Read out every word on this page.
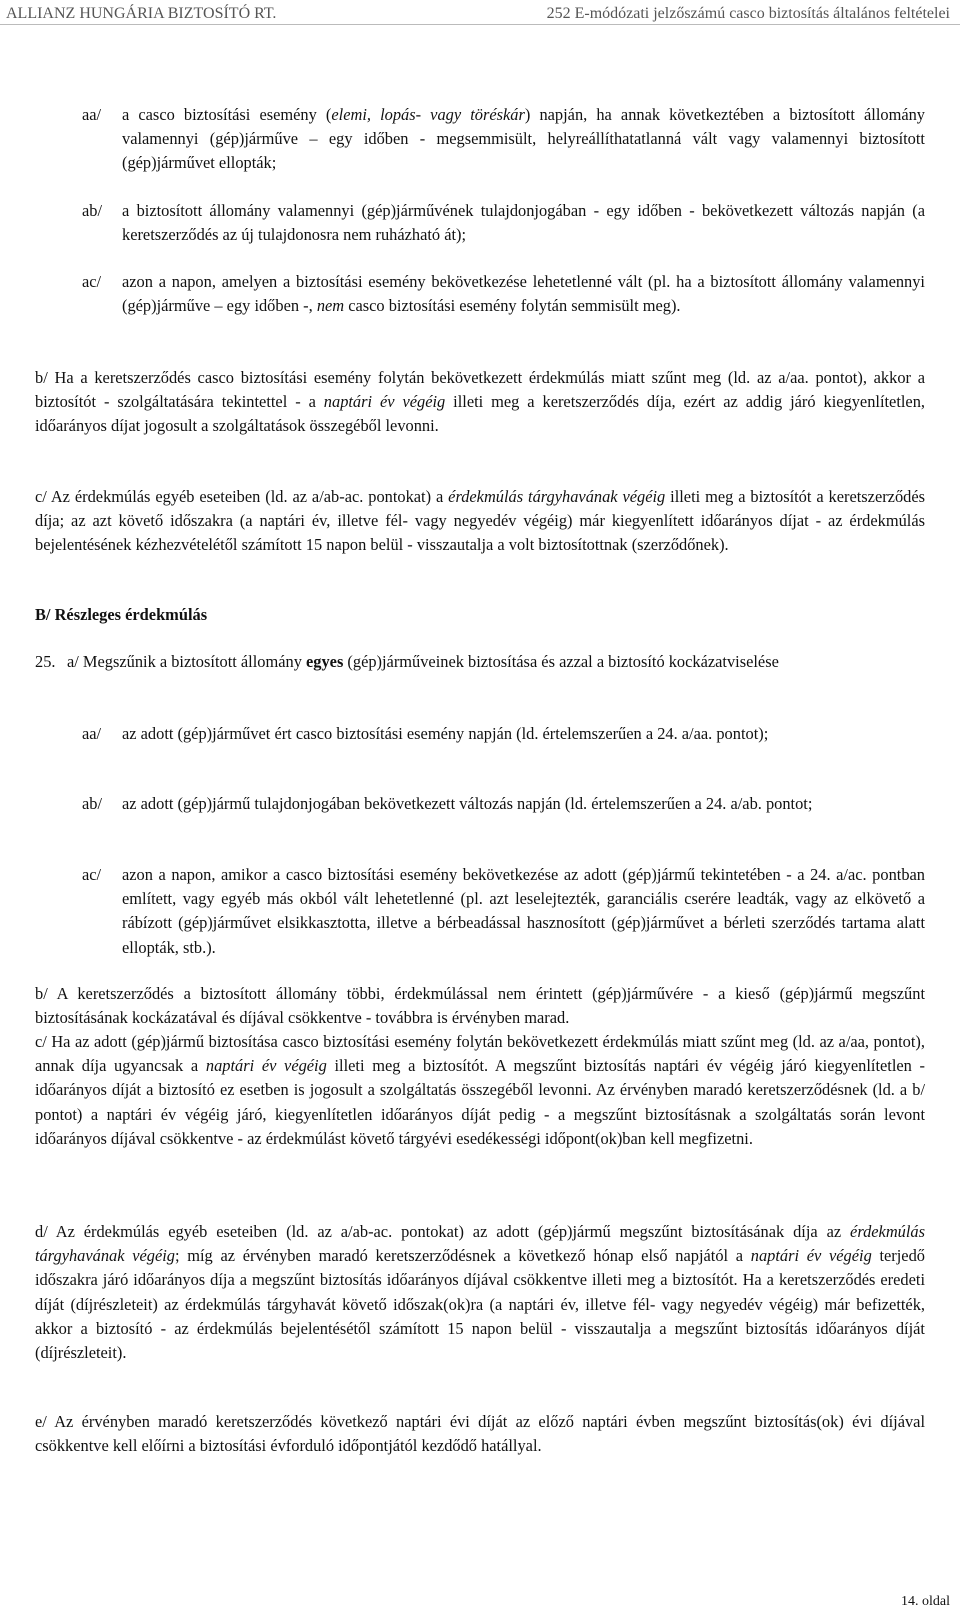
ALLIANZ HUNGÁRIA BIZTOSÍTÓ RT.	252 E-módózati jelzőszámú casco biztosítás általános feltételei
aa/ a casco biztosítási esemény (elemi, lopás- vagy töréskár) napján, ha annak következtében a biztosított állomány valamennyi (gép)járműve – egy időben - megsemmisült, helyreállíthatatlanná vált vagy valamennyi biztosított (gép)járművet ellopták;
ab/ a biztosított állomány valamennyi (gép)járművének tulajdonjogában - egy időben - bekövetkezett változás napján (a keretszerződés az új tulajdonosra nem ruházható át);
ac/ azon a napon, amelyen a biztosítási esemény bekövetkezése lehetetlenné vált (pl. ha a biztosított állomány valamennyi (gép)járműve – egy időben -, nem casco biztosítási esemény folytán semmisült meg).
b/ Ha a keretszerződés casco biztosítási esemény folytán bekövetkezett érdekmúlás miatt szűnt meg (ld. az a/aa. pontot), akkor a biztosítót - szolgáltatására tekintettel - a naptári év végéig illeti meg a keretszerződés díja, ezért az addig járó kiegyenlítetlen, időarányos díjat jogosult a szolgáltatások összegéből levonni.
c/ Az érdekmúlás egyéb eseteiben (ld. az a/ab-ac. pontokat) a érdekmúlás tárgyhavának végéig illeti meg a biztosítót a keretszerződés díja; az azt követő időszakra (a naptári év, illetve fél- vagy negyedév végéig) már kiegyenlített időarányos díjat - az érdekmúlás bejelentésének kézhezvételétől számított 15 napon belül - visszautalja a volt biztosítottnak (szerződőnek).
B/ Részleges érdekmúlás
25. a/ Megszűnik a biztosított állomány egyes (gép)járműveinek biztosítása és azzal a biztosító kockázatviselése
aa/ az adott (gép)járművet ért casco biztosítási esemény napján (ld. értelemszerűen a 24. a/aa. pontot);
ab/ az adott (gép)jármű tulajdonjogában bekövetkezett változás napján (ld. értelemszerűen a 24. a/ab. pontot;
ac/ azon a napon, amikor a casco biztosítási esemény bekövetkezése az adott (gép)jármű tekintetében - a 24. a/ac. pontban említett, vagy egyéb más okból vált lehetetlenné (pl. azt leselejtezték, garanciális cserére leadták, vagy az elkövető a rábízott (gép)járművet elsikkasztotta, illetve a bérbeadással hasznosított (gép)járművet a bérleti szerződés tartama alatt ellopták, stb.).
b/ A keretszerződés a biztosított állomány többi, érdekmúlással nem érintett (gép)járművére - a kieső (gép)jármű megszűnt biztosításának kockázatával és díjával csökkentve - továbbra is érvényben marad.
c/ Ha az adott (gép)jármű biztosítása casco biztosítási esemény folytán bekövetkezett érdekmúlás miatt szűnt meg (ld. az a/aa, pontot), annak díja ugyancsak a naptári év végéig illeti meg a biztosítót. A megszűnt biztosítás naptári év végéig járó kiegyenlítetlen - időarányos díját a biztosító ez esetben is jogosult a szolgáltatás összegéből levonni. Az érvényben maradó keretszerződésnek (ld. a b/ pontot) a naptári év végéig járó, kiegyenlítetlen időarányos díját pedig - a megszűnt biztosításnak a szolgáltatás során levont időarányos díjával csökkentve - az érdekmúlást követő tárgyévi esedékességi időpont(ok)ban kell megfizetni.
d/ Az érdekmúlás egyéb eseteiben (ld. az a/ab-ac. pontokat) az adott (gép)jármű megszűnt biztosításának díja az érdekmúlás tárgyhavának végéig; míg az érvényben maradó keretszerződésnek a következő hónap első napjától a naptári év végéig terjedő időszakra járó időarányos díja a megszűnt biztosítás időarányos díjával csökkentve illeti meg a biztosítót. Ha a keretszerződés eredeti díját (díjrészleteit) az érdekmúlás tárgyhavát követő időszak(ok)ra (a naptári év, illetve fél- vagy negyedév végéig) már befizették, akkor a biztosító - az érdekmúlás bejelentésétől számított 15 napon belül - visszautalja a megszűnt biztosítás időarányos díját (díjrészleteit).
e/ Az érvényben maradó keretszerződés következő naptári évi díját az előző naptári évben megszűnt biztosítás(ok) évi díjával csökkentve kell előírni a biztosítási évforduló időpontjától kezdődő hatállyal.
14. oldal
